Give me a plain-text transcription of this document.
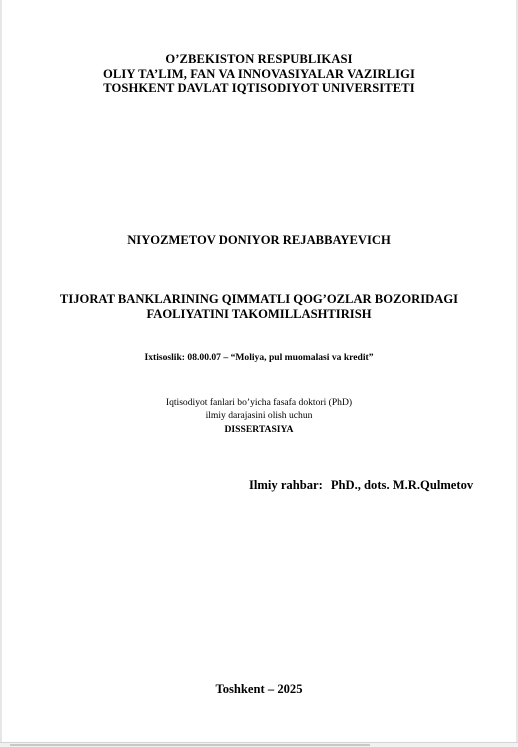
O’ZBEKISTON RESPUBLIKASI
OLIY TA’LIM, FAN VA INNOVASIYALAR VAZIRLIGI
TOSHKENT DAVLAT IQTISODIYOT UNIVERSITETI
NIYOZMETOV DONIYOR REJABBAYEVICH
TIJORAT BANKLARINING QIMMATLI QOG’OZLAR BOZORIDAGI
FAOLIYATINI TAKOMILLASHTIRISH
Ixtisoslik: 08.00.07 – “Moliya, pul muomalasi va kredit”
Iqtisodiyot fanlari bo’yicha fasafa doktori (PhD)
ilmiy darajasini olish uchun
DISSERTASIYA
Ilmiy rahbar: PhD., dots. M.R.Qulmetov
Toshkent – 2025
